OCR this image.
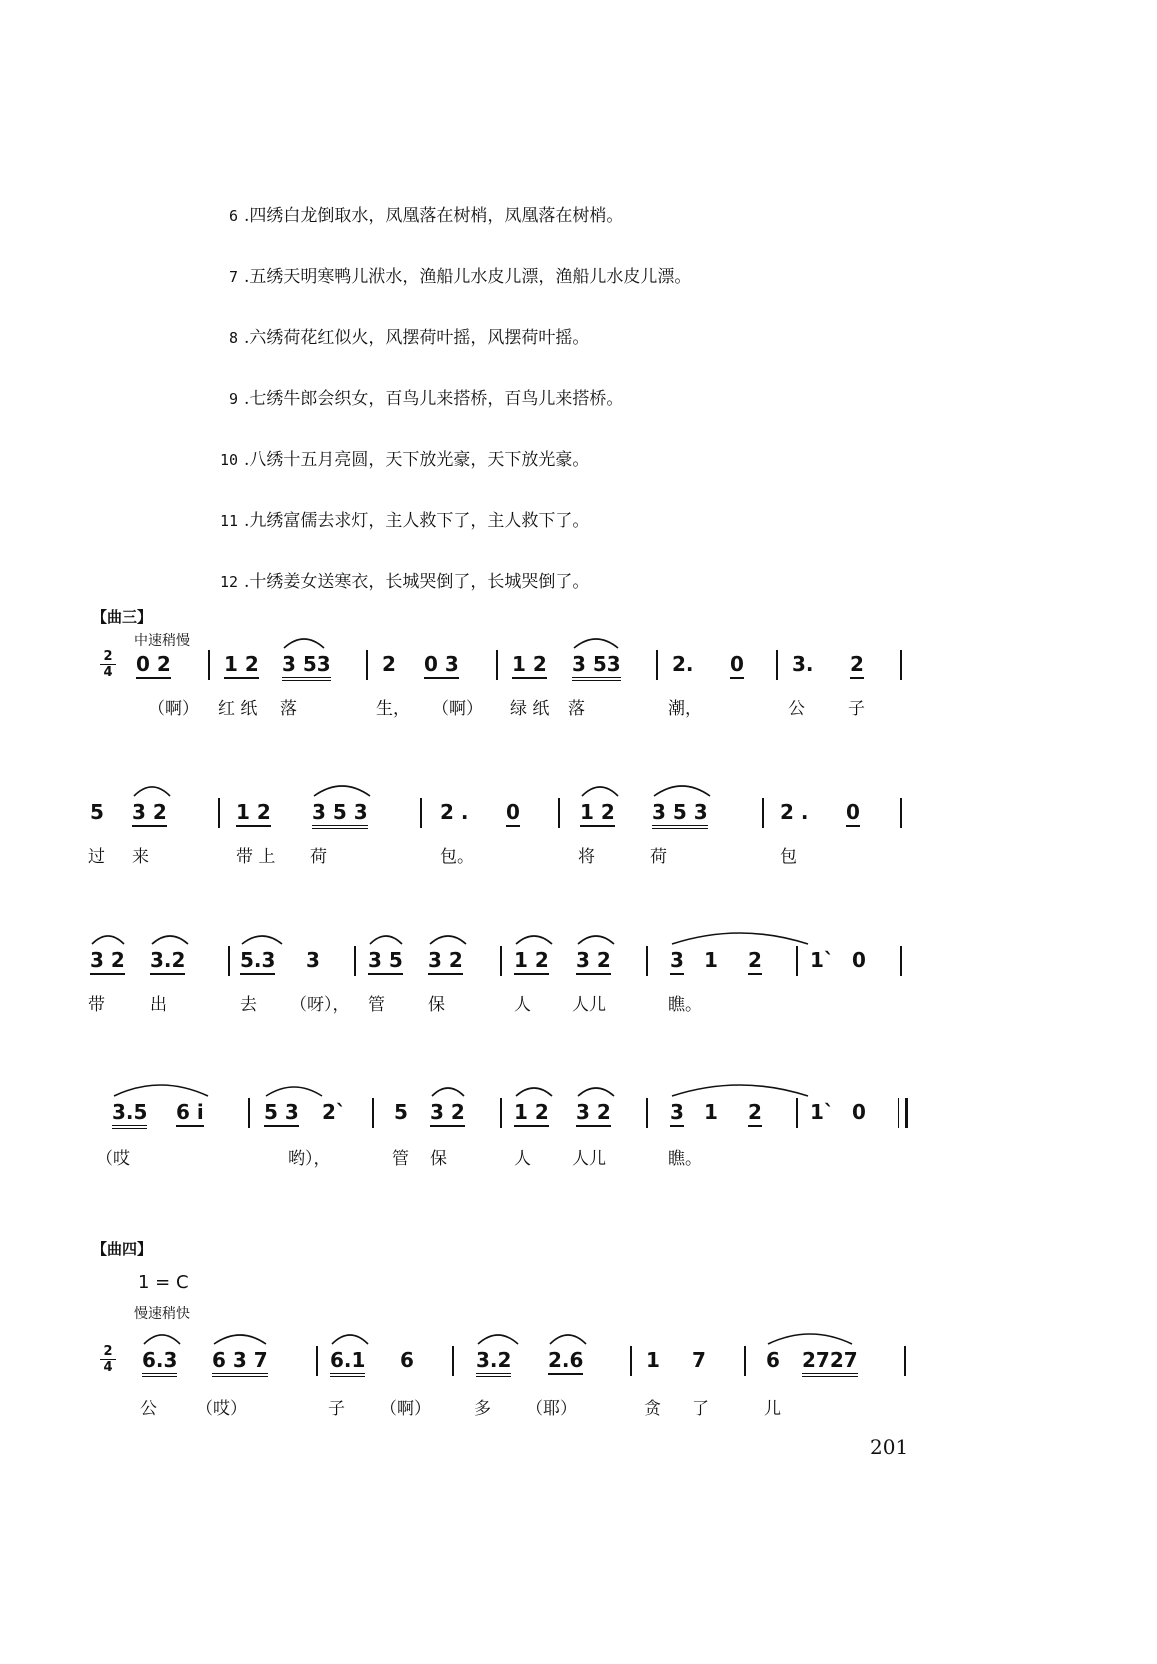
6 .四绣白龙倒取水，凤凰落在树梢，凤凰落在树梢。
7 .五绣天明寒鸭儿洑水，渔船儿水皮儿漂，渔船儿水皮儿漂。
8 .六绣荷花红似火，风摆荷叶摇，风摆荷叶摇。
9 .七绣牛郎会织女，百鸟儿来搭桥，百鸟儿来搭桥。
10 .八绣十五月亮圆，天下放光豪，天下放光豪。
11 .九绣富儒去求灯，主人救下了，主人救下了。
12 .十绣姜女送寒衣，长城哭倒了，长城哭倒了。
【曲三】
中速稍慢
2
4 0 2	1 2 3 53	2 0 3	1 2 3 53	2. 0 3. 2
（啊） 红 纸 落	生， （啊） 绿 纸 落	潮，	公	子
5 3 2	1 2 3 5 3	2 . 0	1 2 3 5 3	2 . 0
过 来	带 上 荷	包。	将	荷	包
3 2 3.2	5.3 3 3 5 3 2	1 2 3 2	3 1 2 1` 0
带	出	去 （呀）， 管	保	人 人儿	瞧。
3.5 6 i	5 3 2` 5 3 2 1 2 3 2	3 1 2 1` 0
（哎	哟），	管 保	人 人儿	瞧。
【曲四】
1 = C
慢速稍快
2
4 6.3 6 3 7	6.1 6	3.2 2.6	1 7	6 2727
公 （哎）	子 （啊）	多 （耶）	贪 了	儿
201
